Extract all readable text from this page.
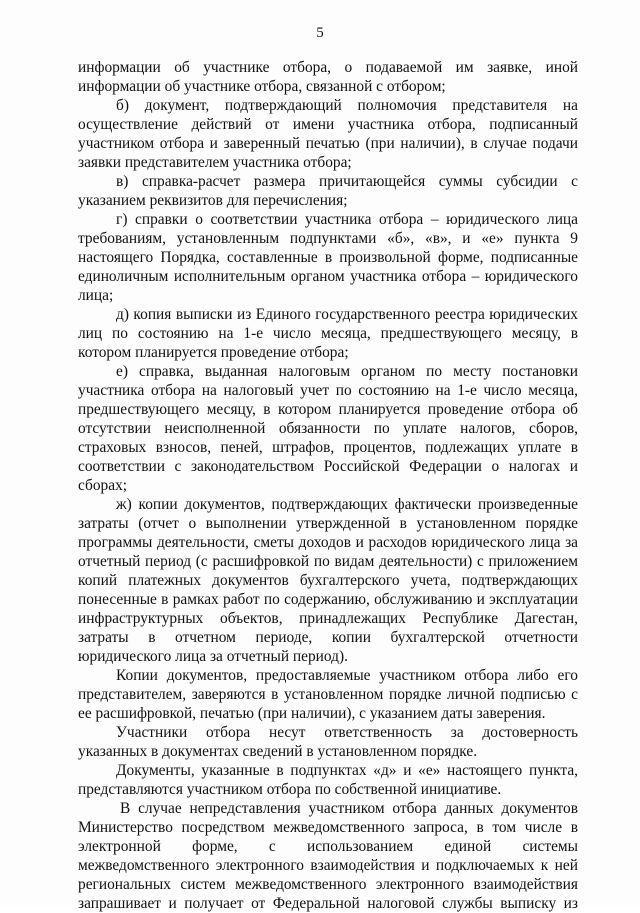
5
информации об участнике отбора, о подаваемой им заявке, иной
информации об участнике отбора, связанной с отбором;
б) документ, подтверждающий полномочия представителя на
осуществление действий от имени участника отбора, подписанный
участником отбора и заверенный печатью (при наличии), в случае подачи
заявки представителем участника отбора;
в) справка-расчет размера причитающейся суммы субсидии с
указанием реквизитов для перечисления;
г) справки о соответствии участника отбора – юридического лица
требованиям, установленным подпунктами «б», «в», и «е» пункта 9
настоящего Порядка, составленные в произвольной форме, подписанные
единоличным исполнительным органом участника отбора – юридического
лица;
д) копия выписки из Единого государственного реестра юридических
лиц по состоянию на 1-е число месяца, предшествующего месяцу, в
котором планируется проведение отбора;
е) справка, выданная налоговым органом по месту постановки
участника отбора на налоговый учет по состоянию на 1-е число месяца,
предшествующего месяцу, в котором планируется проведение отбора об
отсутствии неисполненной обязанности по уплате налогов, сборов,
страховых взносов, пеней, штрафов, процентов, подлежащих уплате в
соответствии с законодательством Российской Федерации о налогах и
сборах;
ж) копии документов, подтверждающих фактически произведенные
затраты (отчет о выполнении утвержденной в установленном порядке
программы деятельности, сметы доходов и расходов юридического лица за
отчетный период (с расшифровкой по видам деятельности) с приложением
копий платежных документов бухгалтерского учета, подтверждающих
понесенные в рамках работ по содержанию, обслуживанию и эксплуатации
инфраструктурных объектов, принадлежащих Республике Дагестан,
затраты в отчетном периоде, копии бухгалтерской отчетности
юридического лица за отчетный период).
Копии документов, предоставляемые участником отбора либо его
представителем, заверяются в установленном порядке личной подписью с
ее расшифровкой, печатью (при наличии), с указанием даты заверения.
Участники отбора несут ответственность за достоверность
указанных в документах сведений в установленном порядке.
Документы, указанные в подпунктах «д» и «е» настоящего пункта,
представляются участником отбора по собственной инициативе.
В случае непредставления участником отбора данных документов
Министерство посредством межведомственного запроса, в том числе в
электронной форме, с использованием единой системы
межведомственного электронного взаимодействия и подключаемых к ней
региональных систем межведомственного электронного взаимодействия
запрашивает и получает от Федеральной налоговой службы выписку из
